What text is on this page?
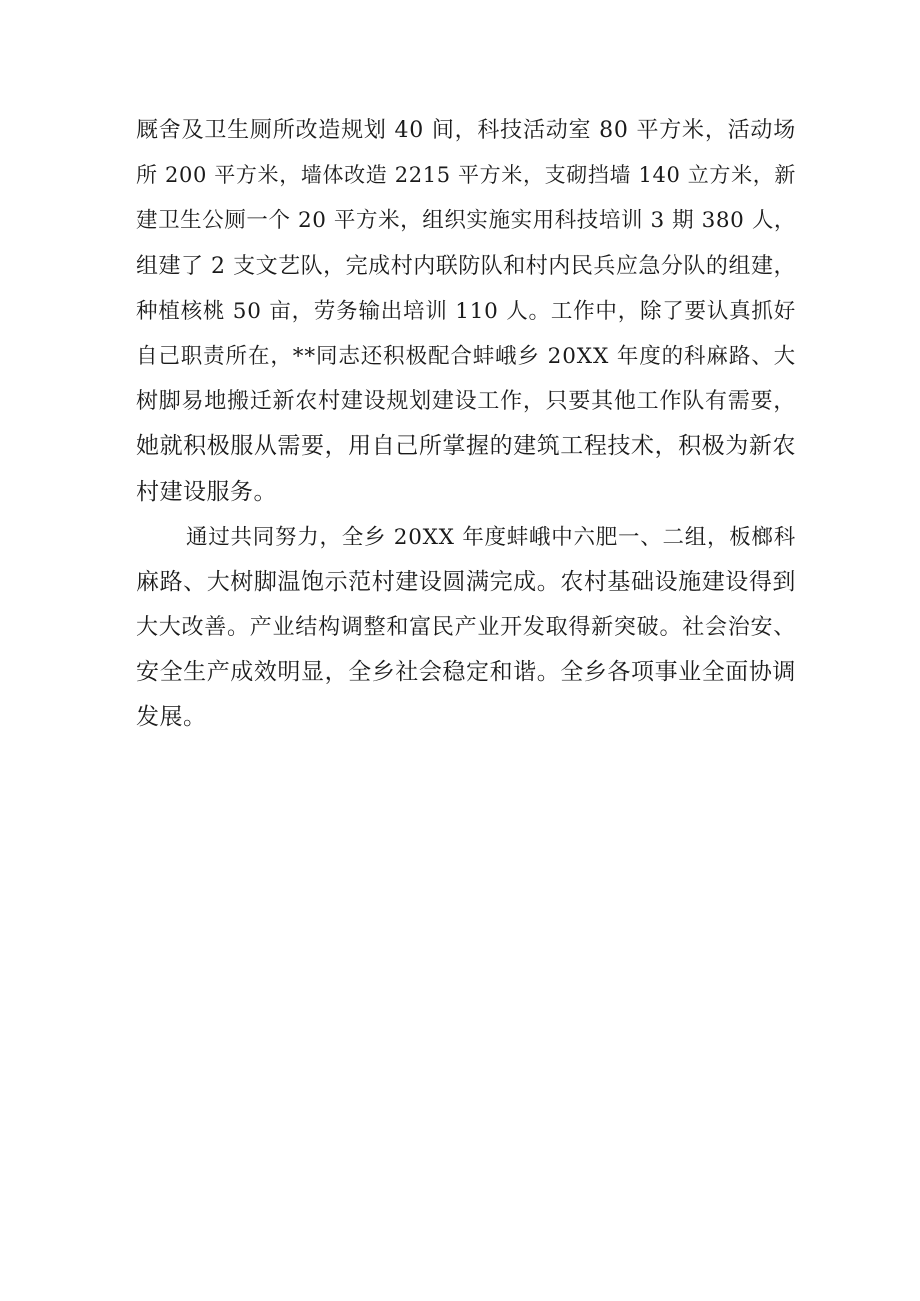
厩舍及卫生厕所改造规划 40 间，科技活动室 80 平方米，活动场
所 200 平方米，墙体改造 2215 平方米，支砌挡墙 140 立方米，新
建卫生公厕一个 20 平方米，组织实施实用科技培训 3 期 380 人，
组建了 2 支文艺队，完成村内联防队和村内民兵应急分队的组建，
种植核桃 50 亩，劳务输出培训 110 人。工作中，除了要认真抓好
自己职责所在，**同志还积极配合蚌峨乡 20XX 年度的科麻路、大
树脚易地搬迁新农村建设规划建设工作，只要其他工作队有需要，
她就积极服从需要，用自己所掌握的建筑工程技术，积极为新农
村建设服务。
通过共同努力，全乡 20XX 年度蚌峨中六肥一、二组，板榔科
麻路、大树脚温饱示范村建设圆满完成。农村基础设施建设得到
大大改善。产业结构调整和富民产业开发取得新突破。社会治安、
安全生产成效明显，全乡社会稳定和谐。全乡各项事业全面协调
发展。
